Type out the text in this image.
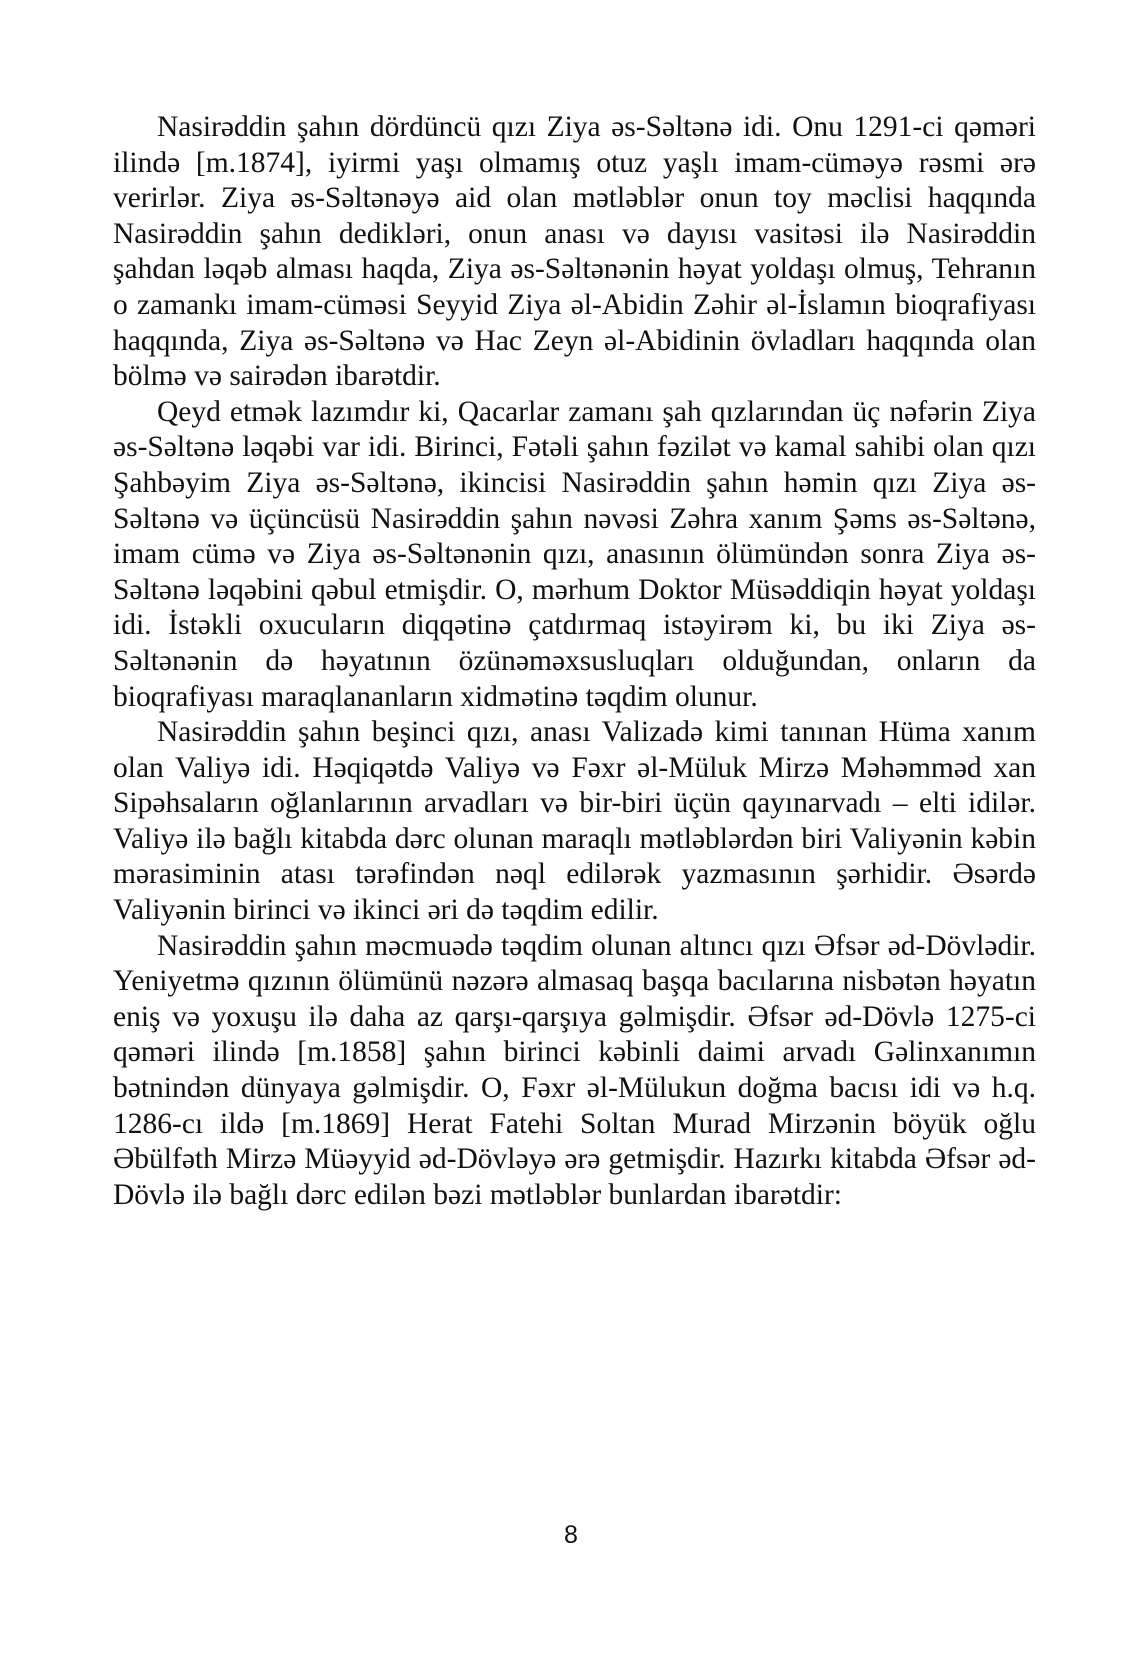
Nasirəddin şahın dördüncü qızı Ziya əs-Səltənə idi. Onu 1291-ci qəməri ilində [m.1874], iyirmi yaşı olmamış otuz yaşlı imam-cüməyə rəsmi ərə verirlər. Ziya əs-Səltənəyə aid olan mətləblər onun toy məclisi haqqında Nasirəddin şahın dedikləri, onun anası və dayısı vasitəsi ilə Nasirəddin şahdan ləqəb alması haqda, Ziya əs-Səltənənin həyat yoldaşı olmuş, Tehranın o zamankı imam-cüməsi Seyyid Ziya əl-Abidin Zəhir əl-İslamın bioqrafiyası haqqında, Ziya əs-Səltənə və Hac Zeyn əl-Abidinin övladları haqqında olan bölmə və sairədən ibarətdir.

Qeyd etmək lazımdır ki, Qacarlar zamanı şah qızlarından üç nəfərin Ziya əs-Səltənə ləqəbi var idi. Birinci, Fətəli şahın fəzilət və kamal sahibi olan qızı Şahbəyim Ziya əs-Səltənə, ikincisi Nasirəddin şahın həmin qızı Ziya əs-Səltənə və üçüncüsü Nasirəddin şahın nəvəsi Zəhra xanım Şəms əs-Səltənə, imam cümə və Ziya əs-Səltənənin qızı, anasının ölümündən sonra Ziya əs-Səltənə ləqəbini qəbul etmişdir. O, mərhum Doktor Müsəddiqin həyat yoldaşı idi. İstəkli oxucuların diqqətinə çatdırmaq istəyirəm ki, bu iki Ziya əs-Səltənənin də həyatının özünəməxsusluqları olduğundan, onların da bioqrafiyası maraqlananların xidmətinə təqdim olunur.

Nasirəddin şahın beşinci qızı, anası Valizadə kimi tanınan Hüma xanım olan Valiyə idi. Həqiqətdə Valiyə və Fəxr əl-Müluk Mirzə Məhəmməd xan Sipəhsaların oğlanlarının arvadları və bir-biri üçün qayınarvadı – elti idilər. Valiyə ilə bağlı kitabda dərc olunan maraqlı mətləblərdən biri Valiyənin kəbin mərasiminin atası tərəfindən nəql edilərək yazmasının şərhidir. Əsərdə Valiyənin birinci və ikinci əri də təqdim edilir.

Nasirəddin şahın məcmuədə təqdim olunan altıncı qızı Əfsər əd-Dövlədir. Yeniyetmə qızının ölümünü nəzərə almasaq başqa bacılarına nisbətən həyatın eniş və yoxuşu ilə daha az qarşı-qarşıya gəlmişdir. Əfsər əd-Dövlə 1275-ci qəməri ilində [m.1858] şahın birinci kəbinli daimi arvadı Gəlinxanımın bətnindən dünyaya gəlmişdir. O, Fəxr əl-Mülukun doğma bacısı idi və h.q. 1286-cı ildə [m.1869] Herat Fatehi Soltan Murad Mirzənin böyük oğlu Əbülfəth Mirzə Müəyyid əd-Dövləyə ərə getmişdir. Hazırkı kitabda Əfsər əd-Dövlə ilə bağlı dərc edilən bəzi mətləblər bunlardan ibarətdir:

8
